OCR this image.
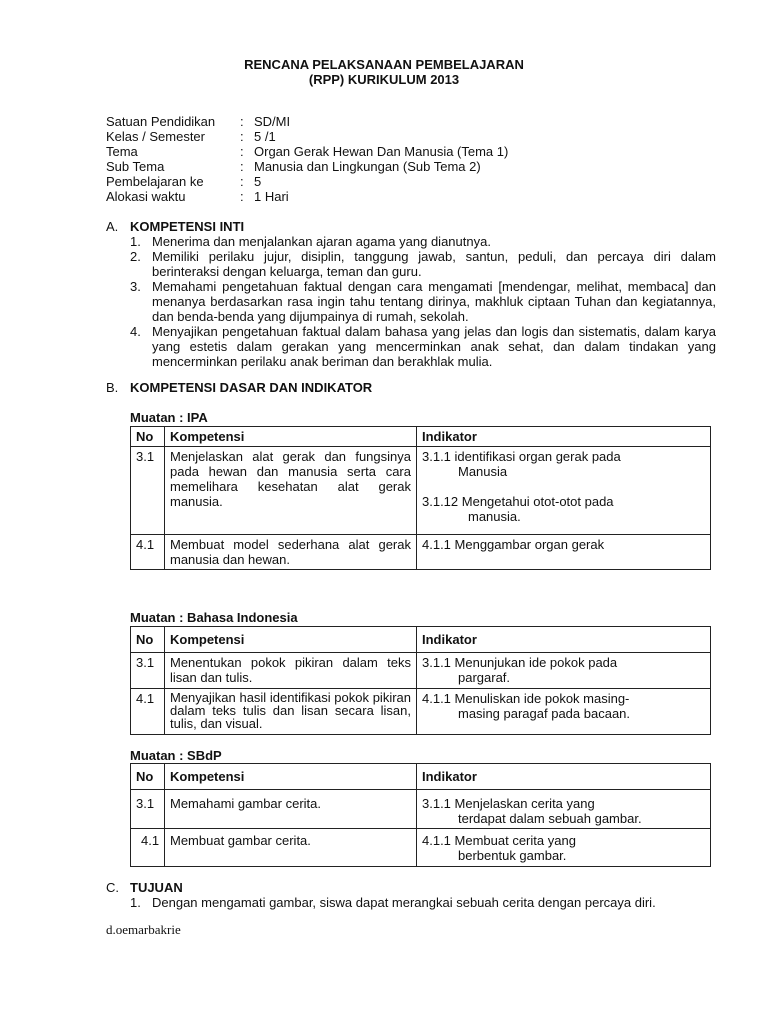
RENCANA PELAKSANAAN PEMBELAJARAN
(RPP) KURIKULUM 2013
Satuan Pendidikan	: SD/MI
Kelas / Semester	: 5 /1
Tema	: Organ Gerak Hewan Dan Manusia (Tema 1)
Sub Tema	: Manusia dan Lingkungan (Sub Tema 2)
Pembelajaran ke	: 5
Alokasi waktu	: 1 Hari
A. KOMPETENSI INTI
1. Menerima dan menjalankan ajaran agama yang dianutnya.
2. Memiliki perilaku jujur, disiplin, tanggung jawab, santun, peduli, dan percaya diri dalam berinteraksi dengan keluarga, teman dan guru.
3. Memahami pengetahuan faktual dengan cara mengamati [mendengar, melihat, membaca] dan menanya berdasarkan rasa ingin tahu tentang dirinya, makhluk ciptaan Tuhan dan kegiatannya, dan benda-benda yang dijumpainya di rumah, sekolah.
4. Menyajikan pengetahuan faktual dalam bahasa yang jelas dan logis dan sistematis, dalam karya yang estetis dalam gerakan yang mencerminkan anak sehat, dan dalam tindakan yang mencerminkan perilaku anak beriman dan berakhlak mulia.
B. KOMPETENSI DASAR DAN INDIKATOR
Muatan : IPA
No	Kompetensi	Indikator
3.1	Menjelaskan alat gerak dan fungsinya pada hewan dan manusia serta cara memelihara kesehatan alat gerak manusia.	3.1.1 identifikasi organ gerak pada
Manusia
3.1.12 Mengetahui otot-otot pada
manusia.

4.1	Membuat model sederhana alat gerak manusia dan hewan.	4.1.1 Menggambar organ gerak
Muatan : Bahasa Indonesia
No	Kompetensi	Indikator
3.1	Menentukan pokok pikiran dalam teks lisan dan tulis.	3.1.1 Menunjukan ide pokok pada
pargaraf.

4.1	Menyajikan hasil identifikasi pokok pikiran dalam teks tulis dan lisan secara lisan, tulis, dan visual.	4.1.1 Menuliskan ide pokok masing-
masing paragaf pada bacaan.
Muatan : SBdP
No	Kompetensi	Indikator
3.1	Memahami gambar cerita.	3.1.1 Menjelaskan cerita yang
terdapat dalam sebuah gambar.

4.1	Membuat gambar cerita.	4.1.1 Membuat cerita yang
berbentuk gambar.
C. TUJUAN
1. Dengan mengamati gambar, siswa dapat merangkai sebuah cerita dengan percaya diri.
d.oemarbakrie
